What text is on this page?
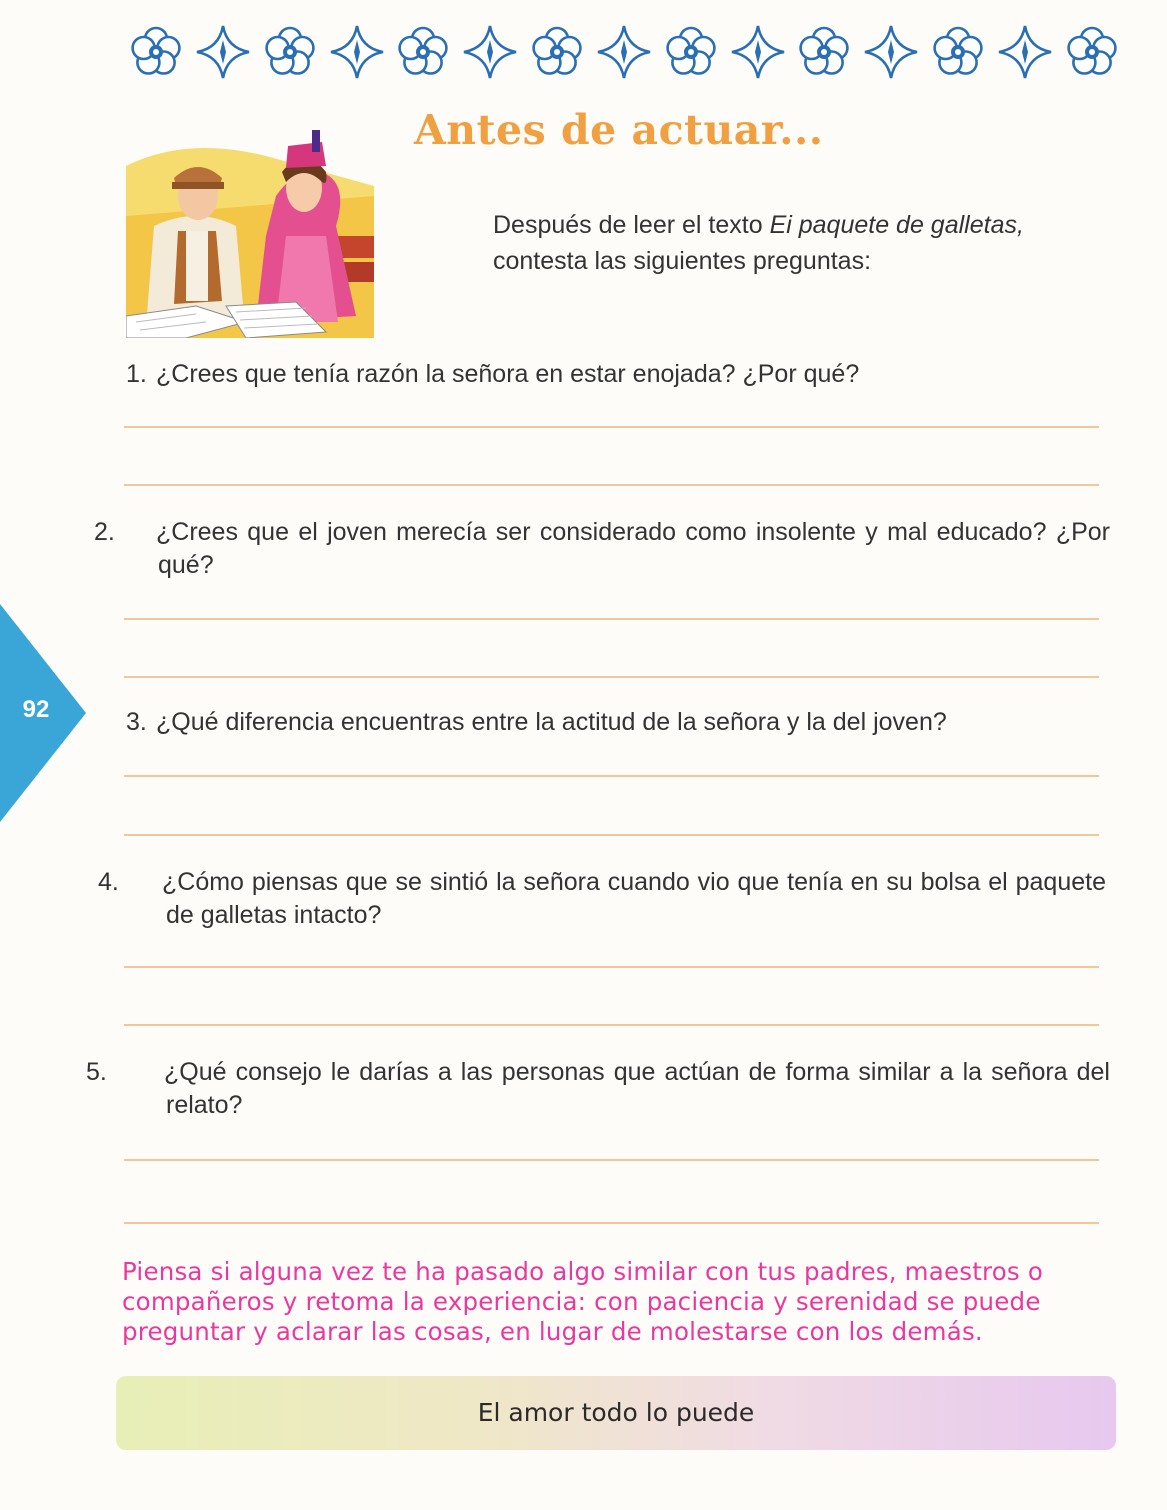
92
Antes de actuar...
Después de leer el texto Ei paquete de galletas,
contesta las siguientes preguntas:

1. ¿Crees que tenía razón la señora en estar enojada? ¿Por qué?

2. ¿Crees que el joven merecía ser considerado como insolente y mal educado? ¿Por qué?

3. ¿Qué diferencia encuentras entre la actitud de la señora y la del joven?

4. ¿Cómo piensas que se sintió la señora cuando vio que tenía en su bolsa el paquete de galletas intacto?

5. ¿Qué consejo le darías a las personas que actúan de forma similar a la señora del relato?

Piensa si alguna vez te ha pasado algo similar con tus padres, maestros o compañeros y retoma la experiencia: con paciencia y serenidad se puede preguntar y aclarar las cosas, en lugar de molestarse con los demás.

El amor todo lo puede
